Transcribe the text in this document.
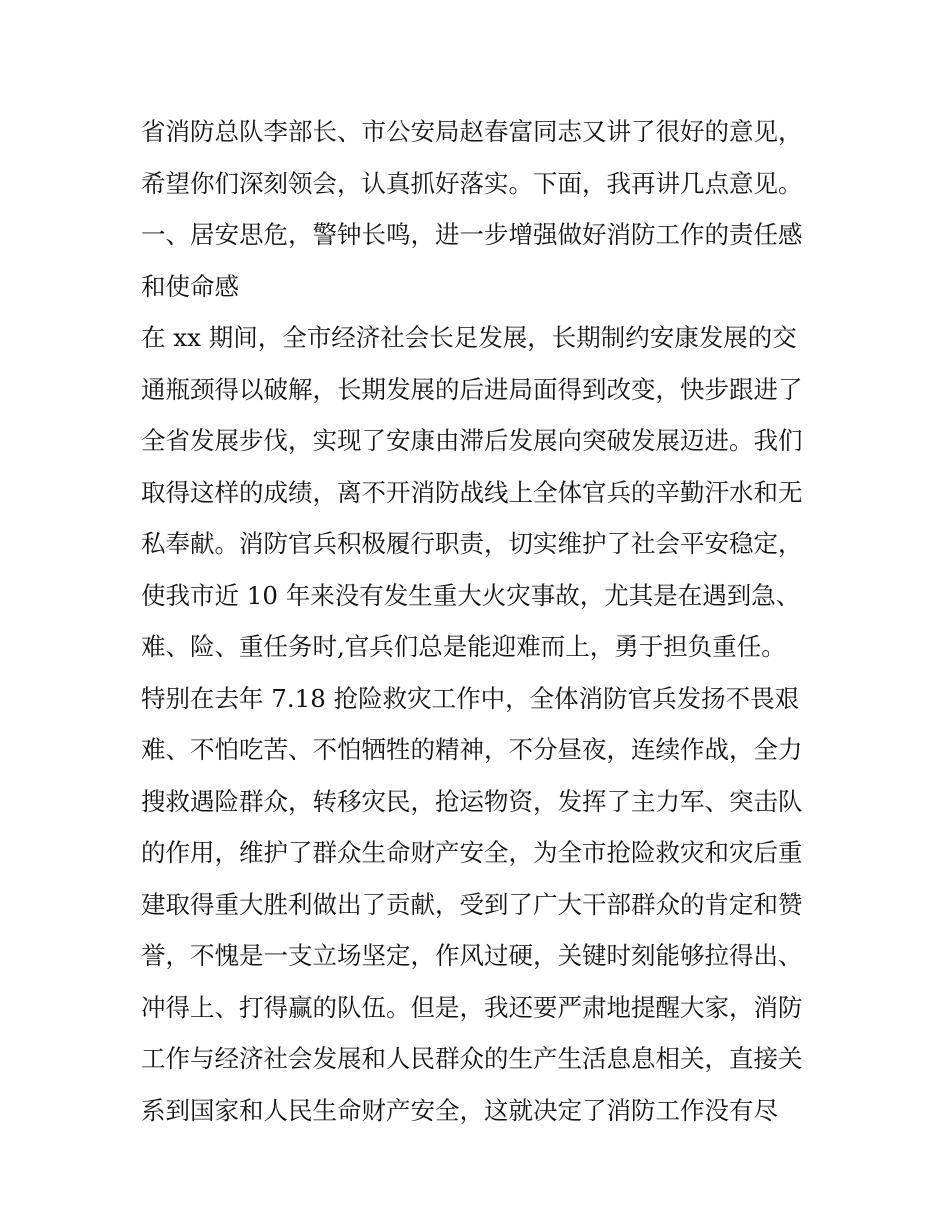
省消防总队李部长、市公安局赵春富同志又讲了很好的意见，
希望你们深刻领会，认真抓好落实。下面，我再讲几点意见。
一、居安思危，警钟长鸣，进一步增强做好消防工作的责任感
和使命感
在 xx 期间，全市经济社会长足发展，长期制约安康发展的交
通瓶颈得以破解，长期发展的后进局面得到改变，快步跟进了
全省发展步伐，实现了安康由滞后发展向突破发展迈进。我们
取得这样的成绩，离不开消防战线上全体官兵的辛勤汗水和无
私奉献。消防官兵积极履行职责，切实维护了社会平安稳定，
使我市近 10 年来没有发生重大火灾事故，尤其是在遇到急、
难、险、重任务时,官兵们总是能迎难而上，勇于担负重任。
特别在去年 7.18 抢险救灾工作中，全体消防官兵发扬不畏艰
难、不怕吃苦、不怕牺牲的精神，不分昼夜，连续作战，全力
搜救遇险群众，转移灾民，抢运物资，发挥了主力军、突击队
的作用，维护了群众生命财产安全，为全市抢险救灾和灾后重
建取得重大胜利做出了贡献，受到了广大干部群众的肯定和赞
誉，不愧是一支立场坚定，作风过硬，关键时刻能够拉得出、
冲得上、打得赢的队伍。但是，我还要严肃地提醒大家，消防
工作与经济社会发展和人民群众的生产生活息息相关，直接关
系到国家和人民生命财产安全，这就决定了消防工作没有尽
